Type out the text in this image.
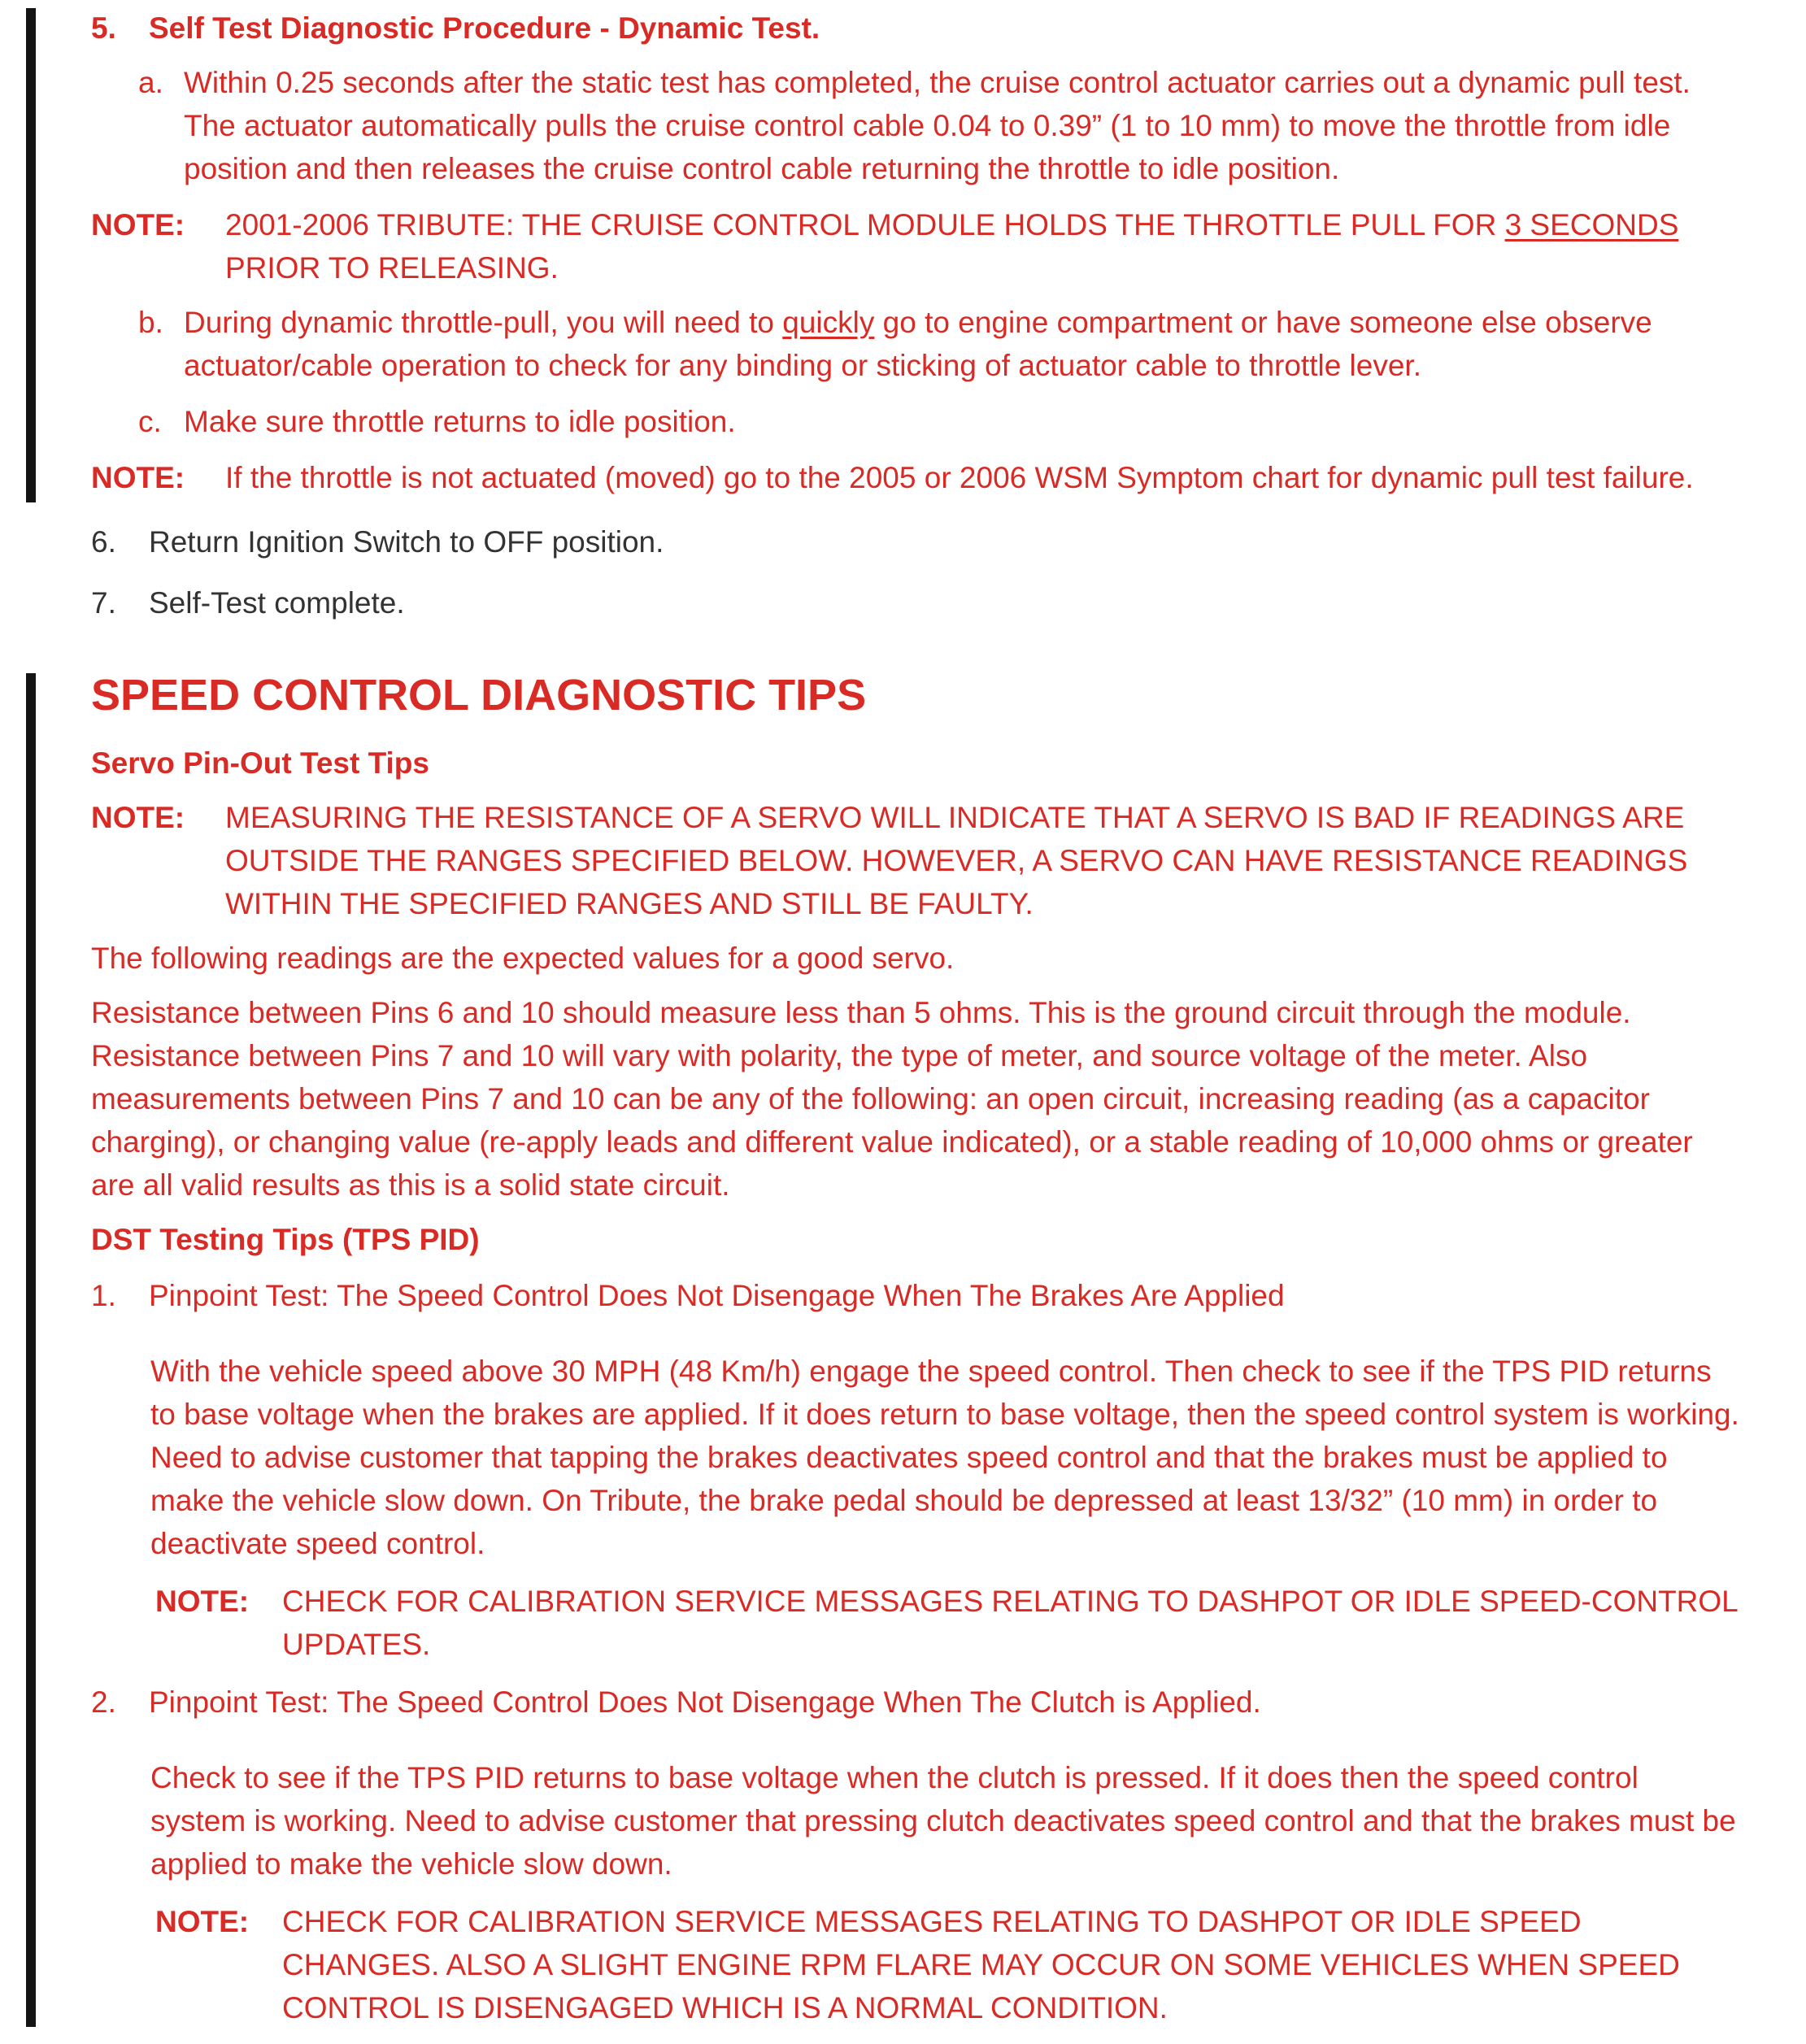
5. Self Test Diagnostic Procedure - Dynamic Test.
a. Within 0.25 seconds after the static test has completed, the cruise control actuator carries out a dynamic pull test. The actuator automatically pulls the cruise control cable 0.04 to 0.39” (1 to 10 mm) to move the throttle from idle position and then releases the cruise control cable returning the throttle to idle position.
NOTE: 2001-2006 TRIBUTE: THE CRUISE CONTROL MODULE HOLDS THE THROTTLE PULL FOR 3 SECONDS PRIOR TO RELEASING.
b. During dynamic throttle-pull, you will need to quickly go to engine compartment or have someone else observe actuator/cable operation to check for any binding or sticking of actuator cable to throttle lever.
c. Make sure throttle returns to idle position.
NOTE: If the throttle is not actuated (moved) go to the 2005 or 2006 WSM Symptom chart for dynamic pull test failure.
6. Return Ignition Switch to OFF position.
7. Self-Test complete.
SPEED CONTROL DIAGNOSTIC TIPS
Servo Pin-Out Test Tips
NOTE: MEASURING THE RESISTANCE OF A SERVO WILL INDICATE THAT A SERVO IS BAD IF READINGS ARE OUTSIDE THE RANGES SPECIFIED BELOW. HOWEVER, A SERVO CAN HAVE RESISTANCE READINGS WITHIN THE SPECIFIED RANGES AND STILL BE FAULTY.
The following readings are the expected values for a good servo.
Resistance between Pins 6 and 10 should measure less than 5 ohms. This is the ground circuit through the module. Resistance between Pins 7 and 10 will vary with polarity, the type of meter, and source voltage of the meter. Also measurements between Pins 7 and 10 can be any of the following: an open circuit, increasing reading (as a capacitor charging), or changing value (re-apply leads and different value indicated), or a stable reading of 10,000 ohms or greater are all valid results as this is a solid state circuit.
DST Testing Tips (TPS PID)
1. Pinpoint Test: The Speed Control Does Not Disengage When The Brakes Are Applied
With the vehicle speed above 30 MPH (48 Km/h) engage the speed control. Then check to see if the TPS PID returns to base voltage when the brakes are applied. If it does return to base voltage, then the speed control system is working. Need to advise customer that tapping the brakes deactivates speed control and that the brakes must be applied to make the vehicle slow down. On Tribute, the brake pedal should be depressed at least 13/32” (10 mm) in order to deactivate speed control.
NOTE: CHECK FOR CALIBRATION SERVICE MESSAGES RELATING TO DASHPOT OR IDLE SPEED-CONTROL UPDATES.
2. Pinpoint Test: The Speed Control Does Not Disengage When The Clutch is Applied.
Check to see if the TPS PID returns to base voltage when the clutch is pressed. If it does then the speed control system is working. Need to advise customer that pressing clutch deactivates speed control and that the brakes must be applied to make the vehicle slow down.
NOTE: CHECK FOR CALIBRATION SERVICE MESSAGES RELATING TO DASHPOT OR IDLE SPEED CHANGES. ALSO A SLIGHT ENGINE RPM FLARE MAY OCCUR ON SOME VEHICLES WHEN SPEED CONTROL IS DISENGAGED WHICH IS A NORMAL CONDITION.
